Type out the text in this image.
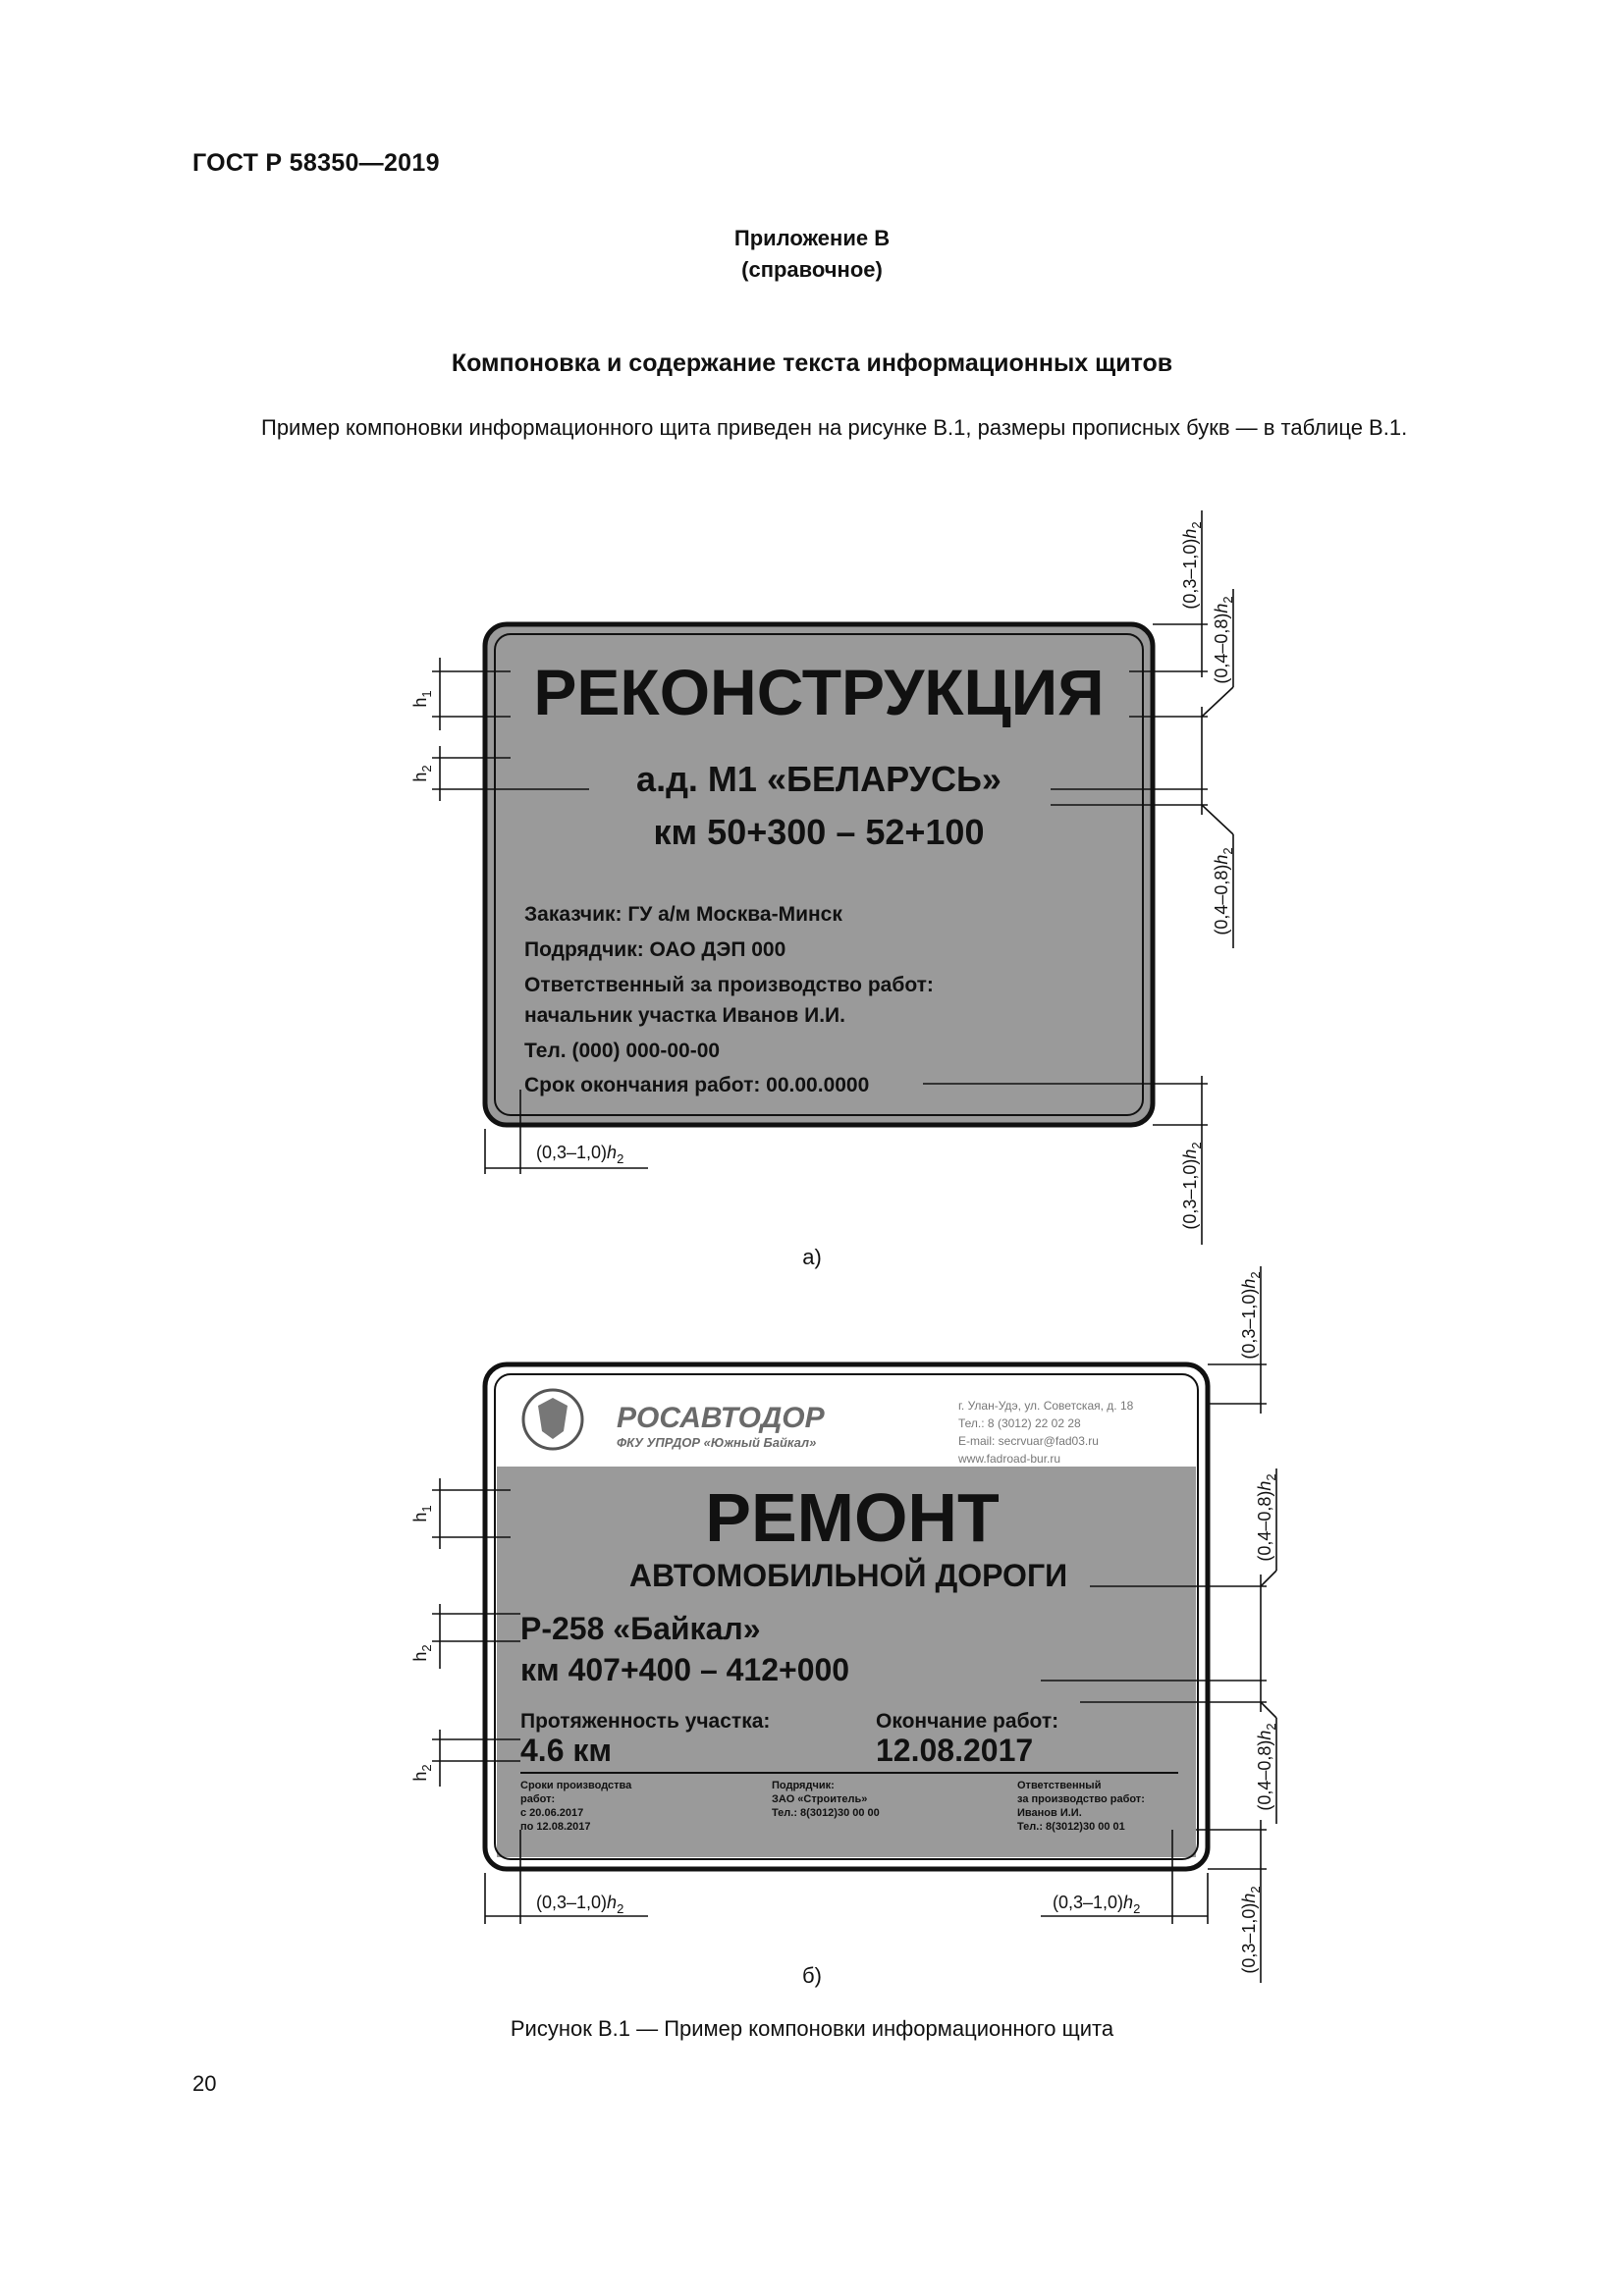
ГОСТ Р 58350—2019
Приложение В
(справочное)
Компоновка и содержание текста информационных щитов
Пример компоновки информационного щита приведен на рисунке В.1, размеры прописных букв — в таблице В.1.
РЕКОНСТРУКЦИЯ
а.д. М1 «БЕЛАРУСЬ»
км 50+300 – 52+100
Заказчик: ГУ а/м Москва-Минск
Подрядчик: ОАО ДЭП 000
Ответственный за производство работ:
начальник участка Иванов И.И.
Тел. (000) 000-00-00
Срок окончания работ: 00.00.0000
$h_1$
$h_2$
$(0,3-1,0)h_2$
$(0,4-0,8)h_2$
$(0,4-0,8)h_2$
$(0,3-1,0)h_2$
$(0,3-1,0)h_2$
а)
РОСАВТОДОР
ФКУ УПРДОР «Южный Байкал»
г. Улан-Удэ, ул. Советская, д. 18
Тел.: 8 (3012) 22 02 28
E-mail: secrvuar@fad03.ru
www.fadroad-bur.ru
РЕМОНТ
АВТОМОБИЛЬНОЙ ДОРОГИ
Р-258 «Байкал»
км 407+400 – 412+000
Протяженность участка:
4.6 км
Окончание работ:
12.08.2017
Сроки производства
работ:
с 20.06.2017
по 12.08.2017
Подрядчик:
ЗАО «Строитель»
Тел.: 8(3012)30 00 00
Ответственный
за производство работ:
Иванов И.И.
Тел.: 8(3012)30 00 01
$h_1$
$h_2$
$h_2$
$(0,3-1,0)h_2$
$(0,4-0,8)h_2$
$(0,4-0,8)h_2$
$(0,3-1,0)h_2$
$(0,3-1,0)h_2$	$(0,3-1,0)h_2$
б)
Рисунок В.1 — Пример компоновки информационного щита
20
